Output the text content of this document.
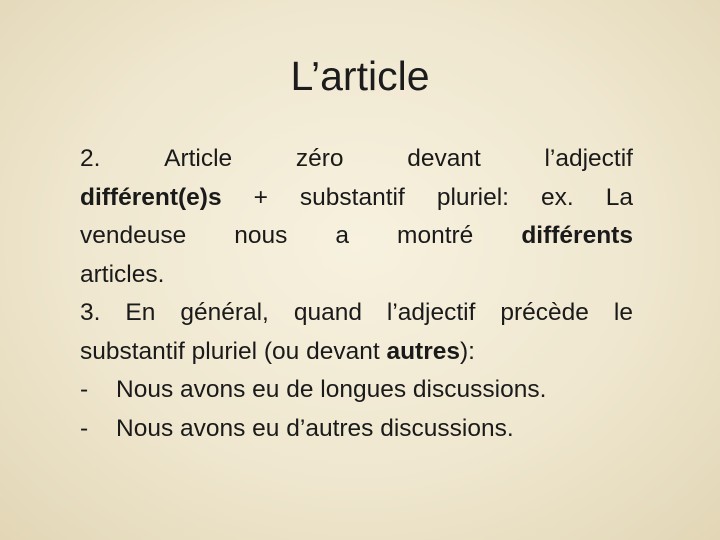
L’article
2.	Article	zéro	devant	l’adjectif
différent(e)s + substantif pluriel: ex. La
vendeuse nous a montré différents
articles.
3. En général, quand l’adjectif précède le
substantif pluriel (ou devant autres):
-	Nous avons eu de longues discussions.
-	Nous avons eu d’autres discussions.
